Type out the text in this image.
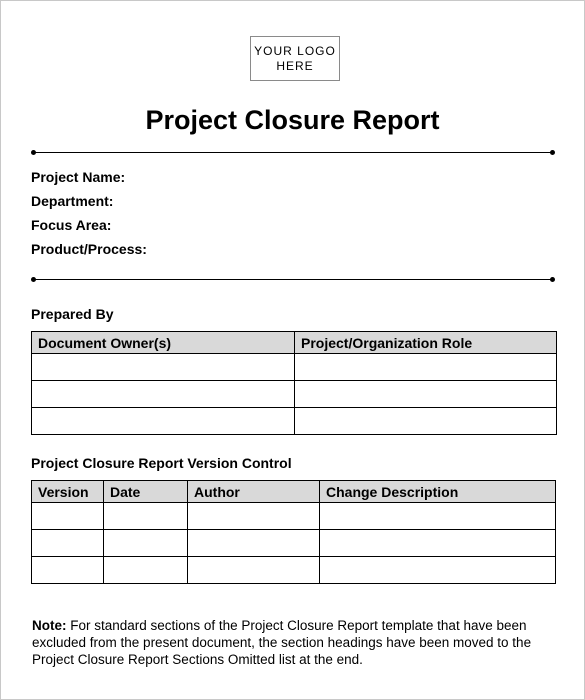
YOUR LOGO
HERE
Project Closure Report
Project Name:
Department:
Focus Area:
Product/Process:
Prepared By
Document Owner(s)	Project/Organization Role

Project Closure Report Version Control
Version	Date	Author	Change Description

Note: For standard sections of the Project Closure Report template that have been excluded from the present document, the section headings have been moved to the Project Closure Report Sections Omitted list at the end.
